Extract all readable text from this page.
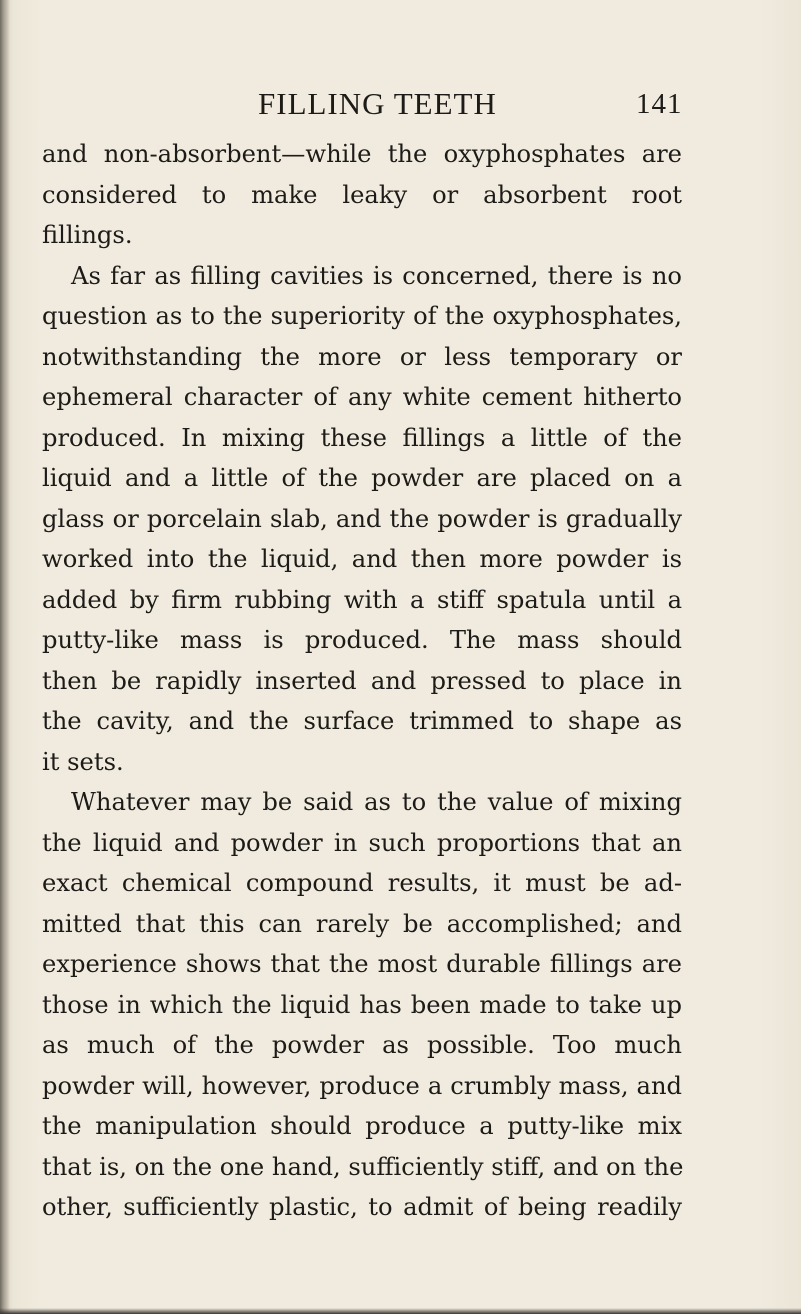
FILLING TEETH	141
and non-absorbent—while the oxyphosphates are
considered to make leaky or absorbent root
fillings.
As far as filling cavities is concerned, there is no
question as to the superiority of the oxyphosphates,
notwithstanding the more or less temporary or
ephemeral character of any white cement hitherto
produced. In mixing these fillings a little of the
liquid and a little of the powder are placed on a
glass or porcelain slab, and the powder is gradually
worked into the liquid, and then more powder is
added by firm rubbing with a stiff spatula until a
putty-like mass is produced. The mass should
then be rapidly inserted and pressed to place in
the cavity, and the surface trimmed to shape as
it sets.
Whatever may be said as to the value of mixing
the liquid and powder in such proportions that an
exact chemical compound results, it must be ad-
mitted that this can rarely be accomplished; and
experience shows that the most durable fillings are
those in which the liquid has been made to take up
as much of the powder as possible. Too much
powder will, however, produce a crumbly mass, and
the manipulation should produce a putty-like mix
that is, on the one hand, sufficiently stiff, and on the
other, sufficiently plastic, to admit of being readily
